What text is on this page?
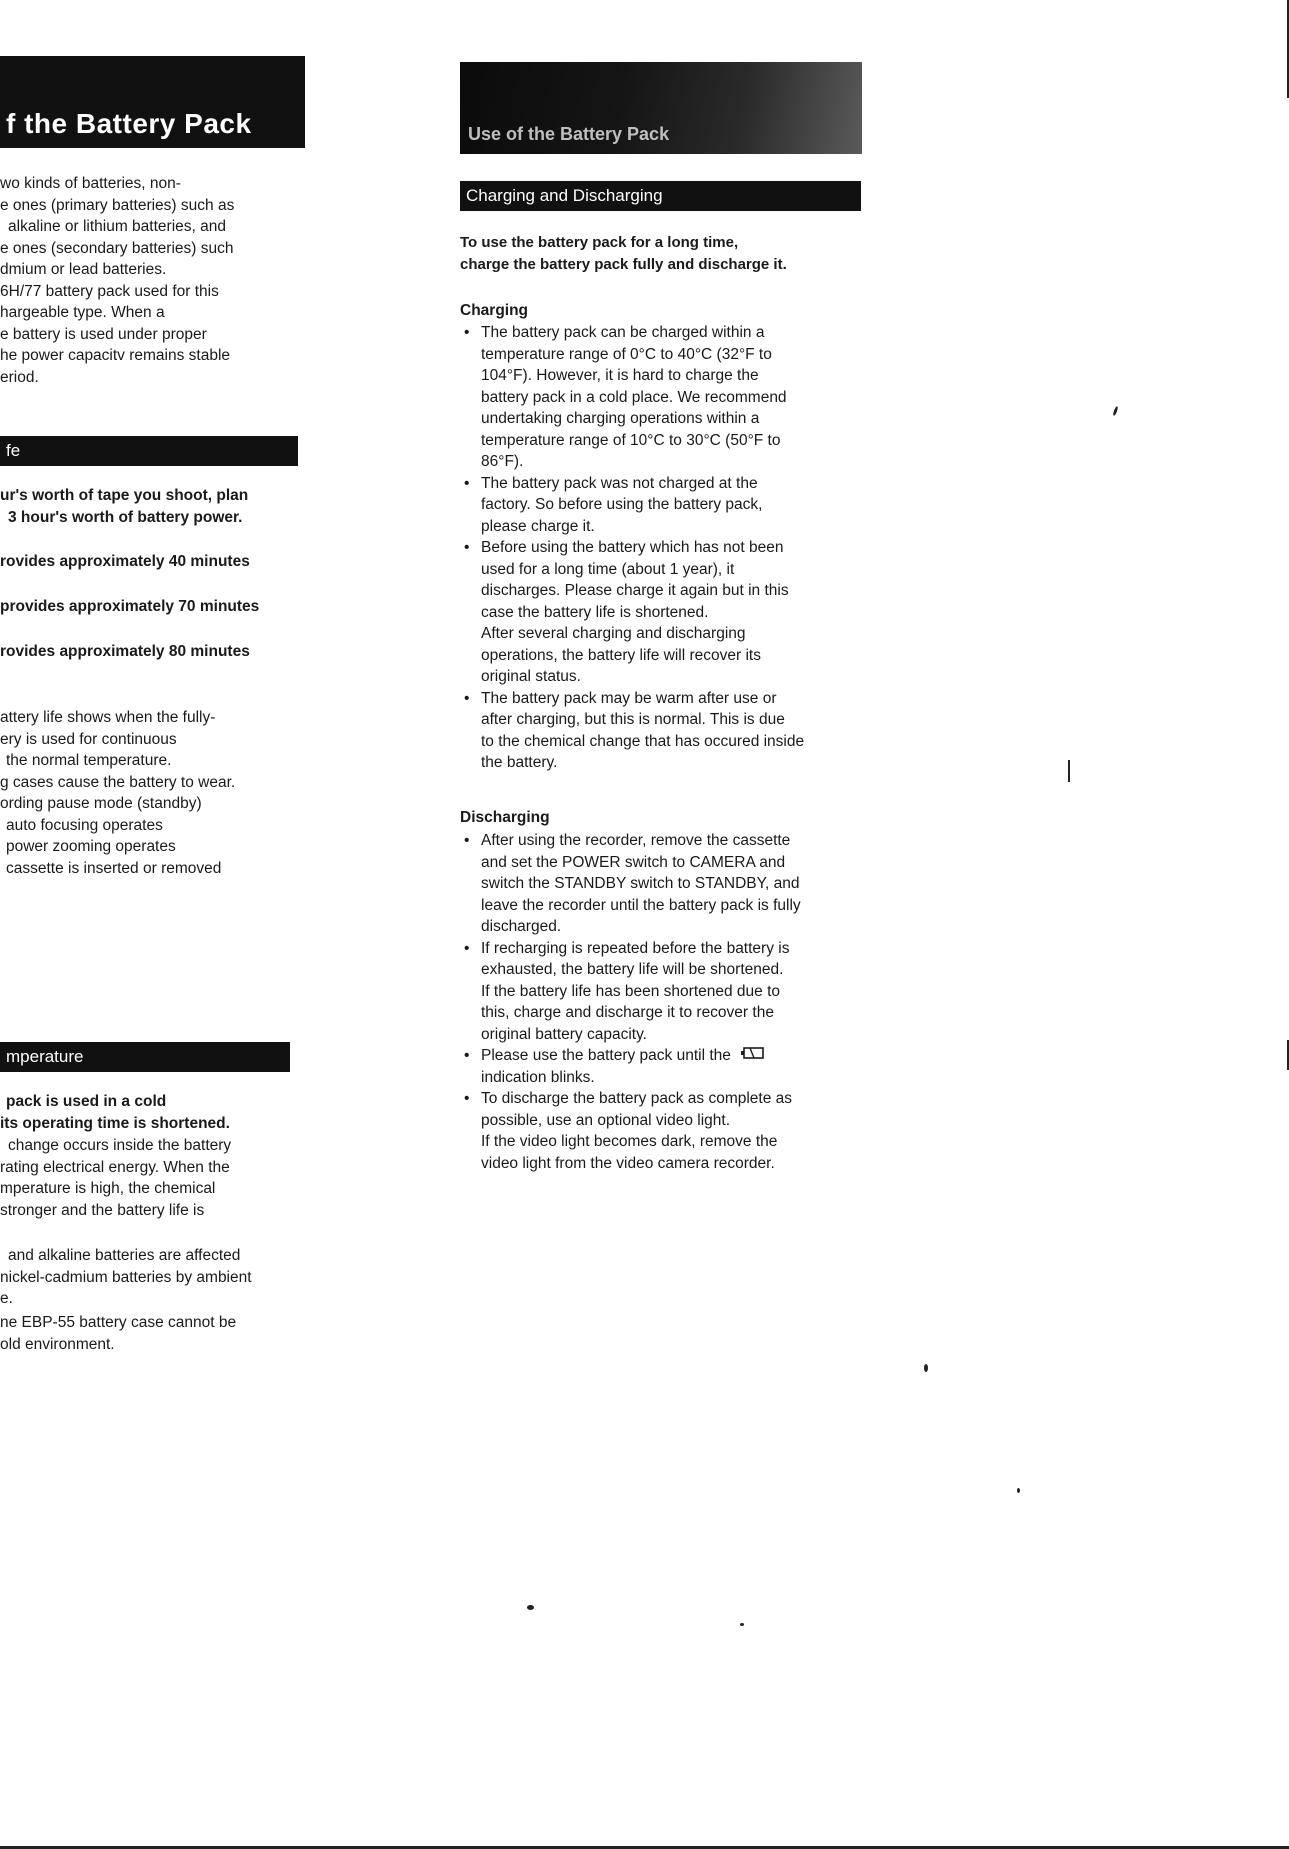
f the Battery Pack
wo kinds of batteries, non-
e ones (primary batteries) such as
alkaline or lithium batteries, and
e ones (secondary batteries) such
dmium or lead batteries.
6H/77 battery pack used for this
hargeable type. When a
e battery is used under proper
he power capacitv remains stable
eriod.
fe
ur's worth of tape you shoot, plan
3 hour's worth of battery power.
rovides approximately 40 minutes
provides approximately 70 minutes
rovides approximately 80 minutes
attery life shows when the fully-
ery is used for continuous
the normal temperature.
g cases cause the battery to wear.
ording pause mode (standby)
auto focusing operates
power zooming operates
cassette is inserted or removed
mperature
pack is used in a cold
its operating time is shortened.
change occurs inside the battery
rating electrical energy. When the
mperature is high, the chemical
stronger and the battery life is
and alkaline batteries are affected
nickel-cadmium batteries by ambient
e.
ne EBP-55 battery case cannot be
old environment.
Use of the Battery Pack
Charging and Discharging
To use the battery pack for a long time,
charge the battery pack fully and discharge it.
Charging
• The battery pack can be charged within a
temperature range of 0°C to 40°C (32°F to
104°F). However, it is hard to charge the
battery pack in a cold place. We recommend
undertaking charging operations within a
temperature range of 10°C to 30°C (50°F to
86°F).
• The battery pack was not charged at the
factory. So before using the battery pack,
please charge it.
• Before using the battery which has not been
used for a long time (about 1 year), it
discharges. Please charge it again but in this
case the battery life is shortened.
After several charging and discharging
operations, the battery life will recover its
original status.
• The battery pack may be warm after use or
after charging, but this is normal. This is due
to the chemical change that has occured inside
the battery.
Discharging
• After using the recorder, remove the cassette
and set the POWER switch to CAMERA and
switch the STANDBY switch to STANDBY, and
leave the recorder until the battery pack is fully
discharged.
• If recharging is repeated before the battery is
exhausted, the battery life will be shortened.
If the battery life has been shortened due to
this, charge and discharge it to recover the
original battery capacity.
• Please use the battery pack until the
indication blinks.
• To discharge the battery pack as complete as
possible, use an optional video light.
If the video light becomes dark, remove the
video light from the video camera recorder.
